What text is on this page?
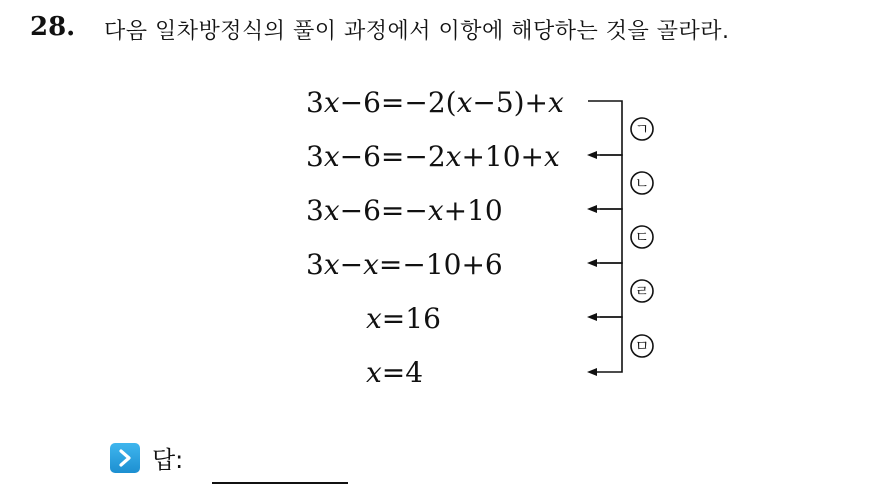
28. 다음 일차방정식의 풀이 과정에서 이항에 해당하는 것을 골라라.
3x−6=−2(x−5)+x
3x−6=−2x+10+x
3x−6=−x+10
3x−x=−10+6
x=16
x=4
ㄱ
ㄴ
ㄷ
ㄹ
ㅁ
답:
